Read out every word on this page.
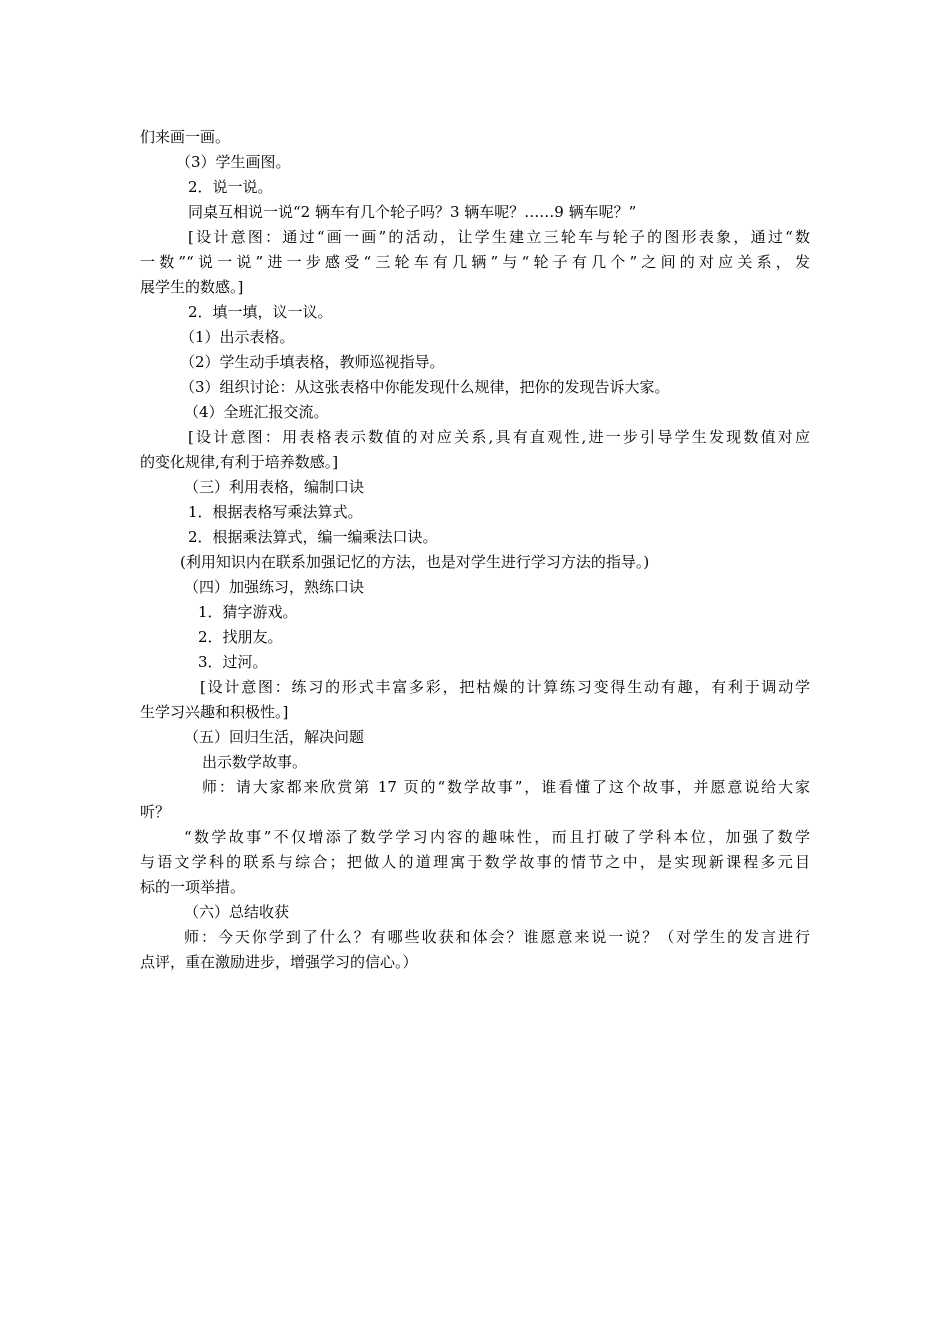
们来画一画。
（3）学生画图。
2．说一说。
同桌互相说一说“2 辆车有几个轮子吗？3 辆车呢？……9 辆车呢？”
[设计意图：通过“画一画”的活动，让学生建立三轮车与轮子的图形表象，通过“数
一数”“说一说”进一步感受“三轮车有几辆”与“轮子有几个”之间的对应关系，发
展学生的数感。]
2．填一填，议一议。
（1）出示表格。
（2）学生动手填表格，教师巡视指导。
（3）组织讨论：从这张表格中你能发现什么规律，把你的发现告诉大家。
（4）全班汇报交流。
[设计意图：用表格表示数值的对应关系,具有直观性,进一步引导学生发现数值对应
的变化规律,有利于培养数感。]
（三）利用表格，编制口诀
1．根据表格写乘法算式。
2．根据乘法算式，编一编乘法口诀。
(利用知识内在联系加强记忆的方法，也是对学生进行学习方法的指导。)
（四）加强练习，熟练口诀
1．猜字游戏。
2．找朋友。
3．过河。
[设计意图：练习的形式丰富多彩，把枯燥的计算练习变得生动有趣，有利于调动学
生学习兴趣和积极性。]
（五）回归生活，解决问题
出示数学故事。
师：请大家都来欣赏第 17 页的“数学故事”，谁看懂了这个故事，并愿意说给大家
听？
“数学故事”不仅增添了数学学习内容的趣味性，而且打破了学科本位，加强了数学
与语文学科的联系与综合；把做人的道理寓于数学故事的情节之中，是实现新课程多元目
标的一项举措。
（六）总结收获
师：今天你学到了什么？有哪些收获和体会？谁愿意来说一说？（对学生的发言进行
点评，重在激励进步，增强学习的信心。）
